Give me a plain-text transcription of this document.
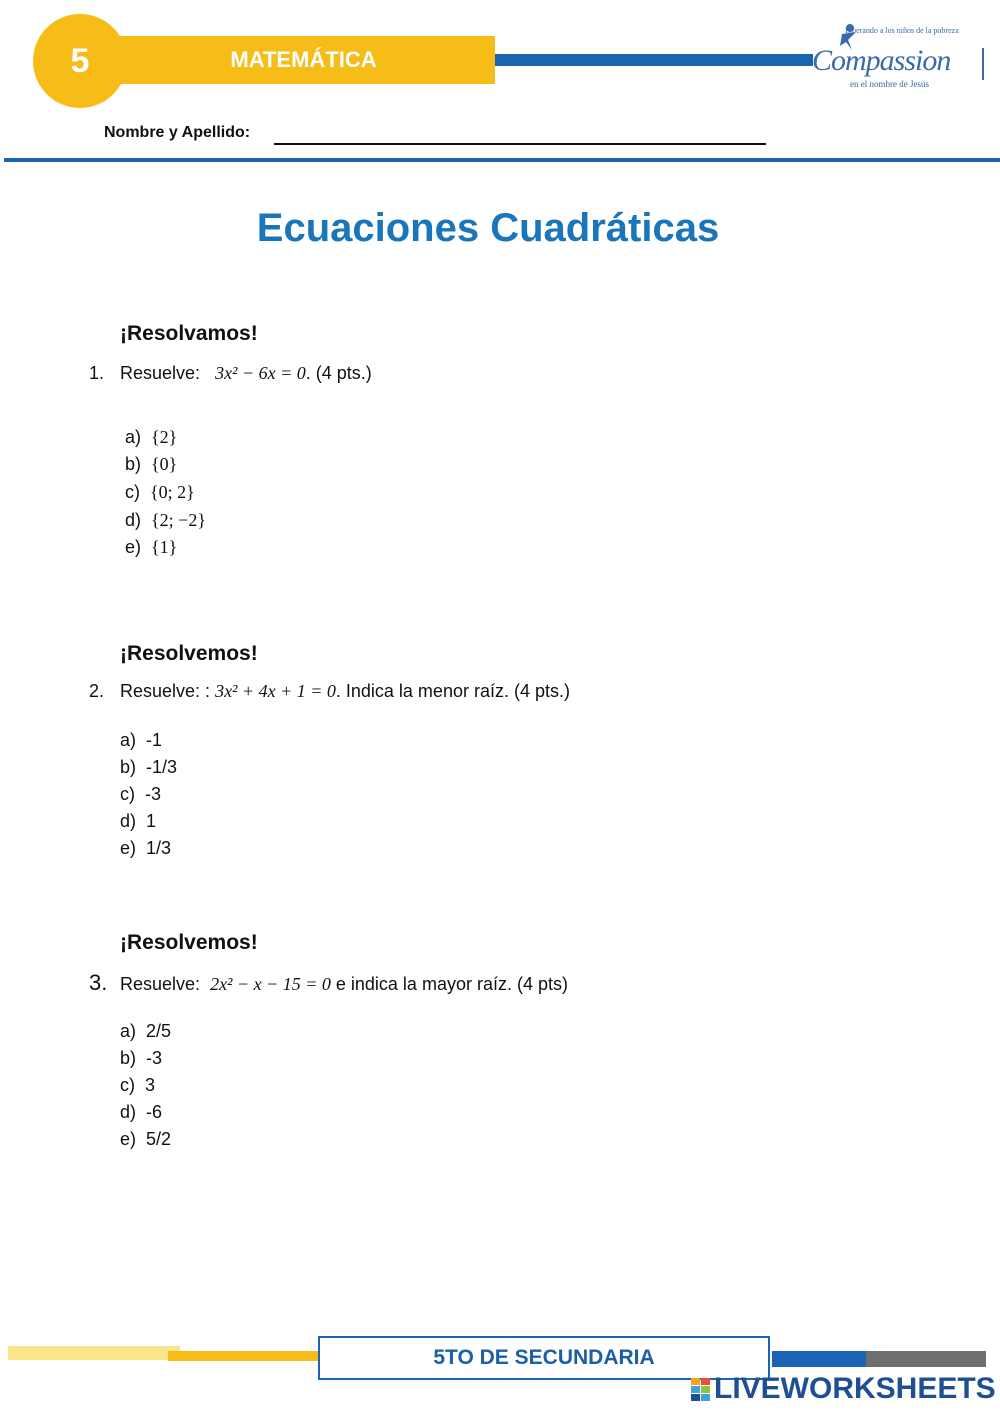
MATEMÁTICA
5
Liberando a los niños de la pobreza
Compassion
en el nombre de Jesús
Nombre y Apellido:
Ecuaciones Cuadráticas
¡Resolvamos!
1. Resuelve: 3x² − 6x = 0. (4 pts.)
a) {2}
b) {0}
c) {0; 2}
d) {2; −2}
e) {1}
¡Resolvemos!
2. Resuelve: : 3x² + 4x + 1 = 0. Indica la menor raíz. (4 pts.)
a) -1
b) -1/3
c) -3
d) 1
e) 1/3
¡Resolvemos!
3. Resuelve: 2x² − x − 15 = 0 e indica la mayor raíz. (4 pts)
a) 2/5
b) -3
c) 3
d) -6
e) 5/2
5TO DE SECUNDARIA
LIVEWORKSHEETS
